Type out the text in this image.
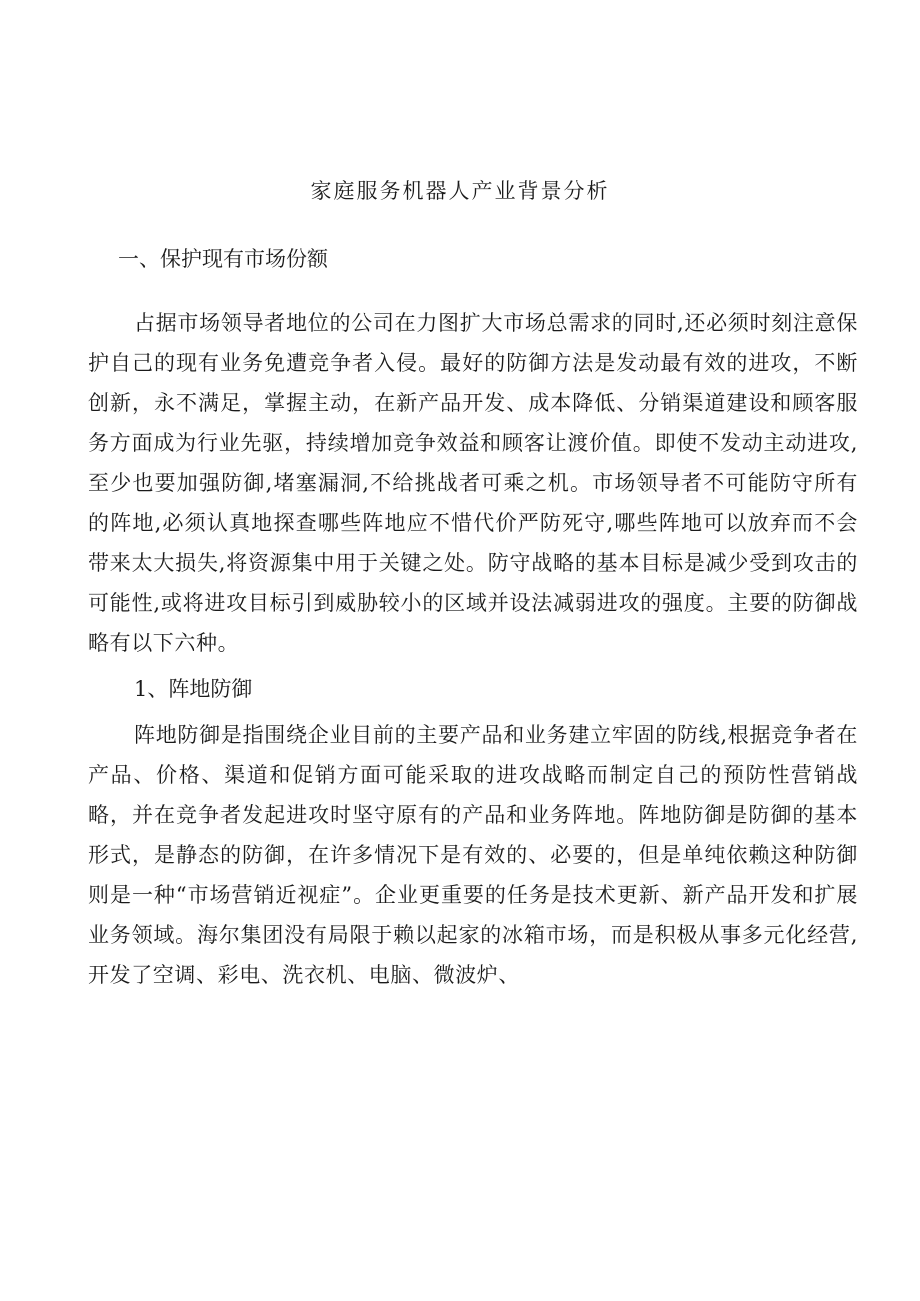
家庭服务机器人产业背景分析
一、保护现有市场份额

占据市场领导者地位的公司在力图扩大市场总需求的同时,还必须时刻注意保护自己的现有业务免遭竞争者入侵。最好的防御方法是发动最有效的进攻，不断创新，永不满足，掌握主动，在新产品开发、成本降低、分销渠道建设和顾客服务方面成为行业先驱，持续增加竞争效益和顾客让渡价值。即使不发动主动进攻,至少也要加强防御,堵塞漏洞,不给挑战者可乘之机。市场领导者不可能防守所有的阵地,必须认真地探查哪些阵地应不惜代价严防死守,哪些阵地可以放弃而不会带来太大损失,将资源集中用于关键之处。防守战略的基本目标是减少受到攻击的可能性,或将进攻目标引到威胁较小的区域并设法减弱进攻的强度。主要的防御战略有以下六种。

1、阵地防御

阵地防御是指围绕企业目前的主要产品和业务建立牢固的防线,根据竞争者在产品、价格、渠道和促销方面可能采取的进攻战略而制定自己的预防性营销战略，并在竞争者发起进攻时坚守原有的产品和业务阵地。阵地防御是防御的基本形式，是静态的防御，在许多情况下是有效的、必要的，但是单纯依赖这种防御则是一种“市场营销近视症”。企业更重要的任务是技术更新、新产品开发和扩展业务领域。海尔集团没有局限于赖以起家的冰箱市场，而是积极从事多元化经营,开发了空调、彩电、洗衣机、电脑、微波炉、
